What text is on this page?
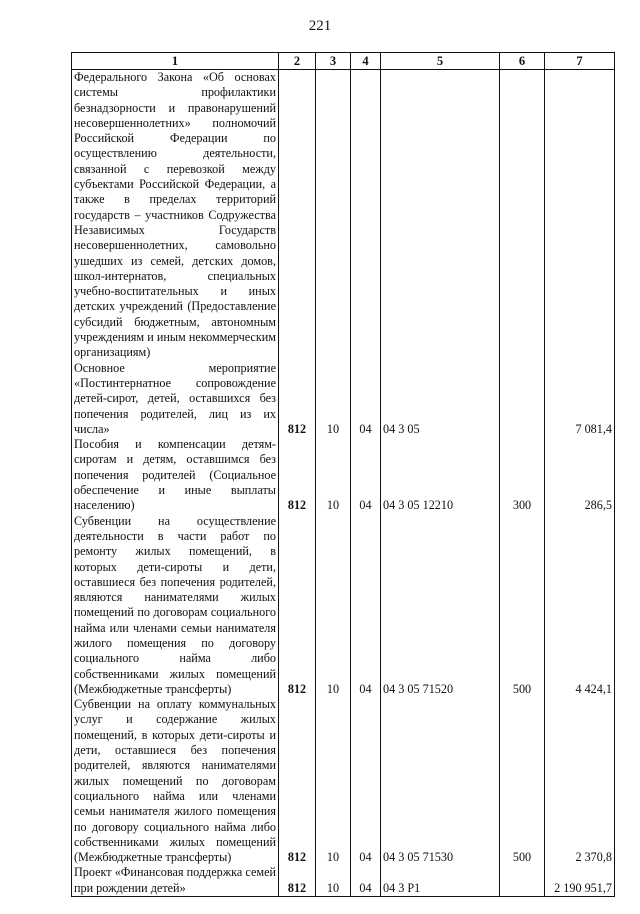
221
1	2	3	4	5	6	7
Федерального Закона «Об основах системы профилактики безнадзорности и правонарушений несовершеннолетних» полномочий Российской Федерации по осуществлению деятельности, связанной с перевозкой между субъектами Российской Федерации, а также в пределах территорий государств – участников Содружества Независимых Государств несовершеннолетних, самовольно ушедших из семей, детских домов, школ-интернатов, специальных учебно-воспитательных и иных детских учреждений (Предоставление субсидий бюджетным, автономным учреждениям и иным некоммерческим организациям)						
Основное мероприятие «Постинтернатное сопровождение детей-сирот, детей, оставшихся без попечения родителей, лиц из их числа»	812	10	04	04 3 05		7 081,4
Пособия и компенсации детям-сиротам и детям, оставшимся без попечения родителей (Социальное обеспечение и иные выплаты населению)	812	10	04	04 3 05 12210	300	286,5
Субвенции на осуществление деятельности в части работ по ремонту жилых помещений, в которых дети-сироты и дети, оставшиеся без попечения родителей, являются нанимателями жилых помещений по договорам социального найма или членами семьи нанимателя жилого помещения по договору социального найма либо собственниками жилых помещений (Межбюджетные трансферты)	812	10	04	04 3 05 71520	500	4 424,1
Субвенции на оплату коммунальных услуг и содержание жилых помещений, в которых дети-сироты и дети, оставшиеся без попечения родителей, являются нанимателями жилых помещений по договорам социального найма или членами семьи нанимателя жилого помещения по договору социального найма либо собственниками жилых помещений (Межбюджетные трансферты)	812	10	04	04 3 05 71530	500	2 370,8
Проект «Финансовая поддержка семей при рождении детей»	812	10	04	04 3 P1		2 190 951,7
